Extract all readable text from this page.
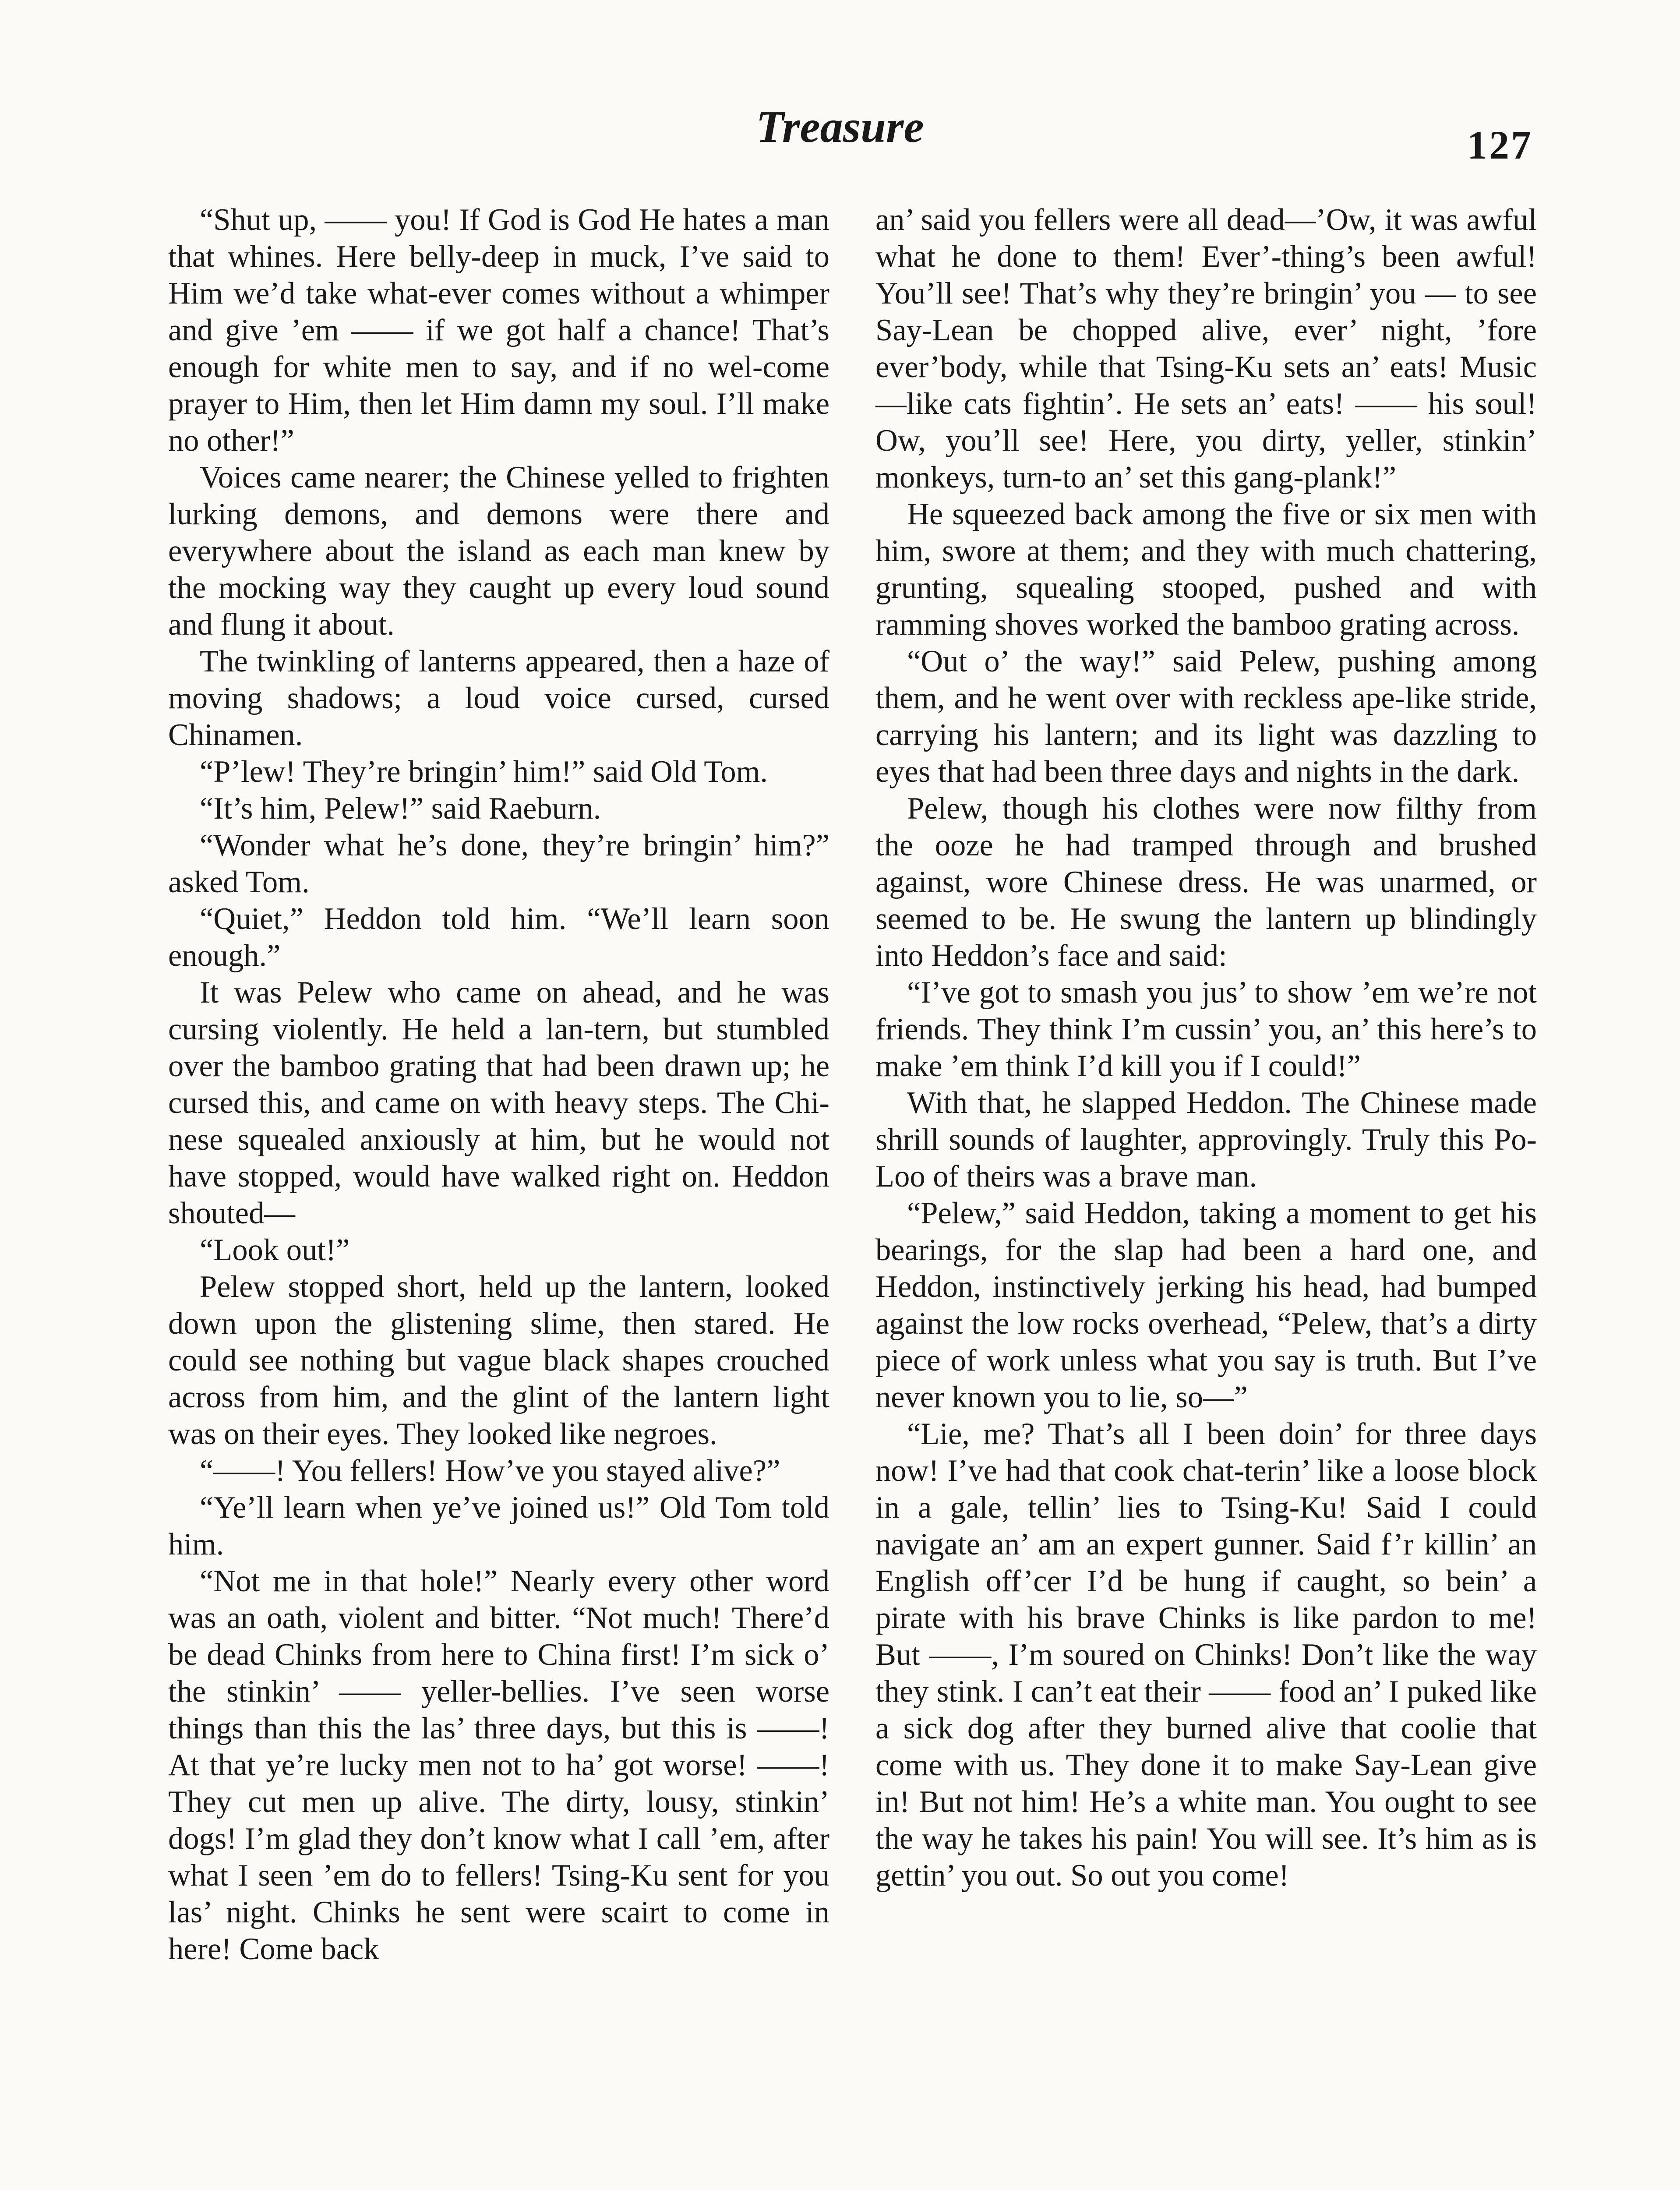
Treasure	127

“Shut up, —— you! If God is God He hates a man that whines. Here belly-deep in muck, I’ve said to Him we’d take what-ever comes without a whimper and give ’em —— if we got half a chance! That’s enough for white men to say, and if no wel-come prayer to Him, then let Him damn my soul. I’ll make no other!”

Voices came nearer; the Chinese yelled to frighten lurking demons, and demons were there and everywhere about the island as each man knew by the mocking way they caught up every loud sound and flung it about.

The twinkling of lanterns appeared, then a haze of moving shadows; a loud voice cursed, cursed Chinamen.

“P’lew! They’re bringin’ him!” said Old Tom.

“It’s him, Pelew!” said Raeburn.

“Wonder what he’s done, they’re bringin’ him?” asked Tom.

“Quiet,” Heddon told him. “We’ll learn soon enough.”

It was Pelew who came on ahead, and he was cursing violently. He held a lan-tern, but stumbled over the bamboo grating that had been drawn up; he cursed this, and came on with heavy steps. The Chi-nese squealed anxiously at him, but he would not have stopped, would have walked right on. Heddon shouted—

“Look out!”

Pelew stopped short, held up the lantern, looked down upon the glistening slime, then stared. He could see nothing but vague black shapes crouched across from him, and the glint of the lantern light was on their eyes. They looked like negroes.

“——! You fellers! How’ve you stayed alive?”

“Ye’ll learn when ye’ve joined us!” Old Tom told him.

“Not me in that hole!” Nearly every other word was an oath, violent and bitter. “Not much! There’d be dead Chinks from here to China first! I’m sick o’ the stinkin’ —— yeller-bellies. I’ve seen worse things than this the las’ three days, but this is ——! At that ye’re lucky men not to ha’ got worse! ——! They cut men up alive. The dirty, lousy, stinkin’ dogs! I’m glad they don’t know what I call ’em, after what I seen ’em do to fellers! Tsing-Ku sent for you las’ night. Chinks he sent were scairt to come in here! Come back

an’ said you fellers were all dead—’Ow, it was awful what he done to them! Ever’-thing’s been awful! You’ll see! That’s why they’re bringin’ you — to see Say-Lean be chopped alive, ever’ night, ’fore ever’body, while that Tsing-Ku sets an’ eats! Music—like cats fightin’. He sets an’ eats! —— his soul! Ow, you’ll see! Here, you dirty, yeller, stinkin’ monkeys, turn-to an’ set this gang-plank!”

He squeezed back among the five or six men with him, swore at them; and they with much chattering, grunting, squealing stooped, pushed and with ramming shoves worked the bamboo grating across.

“Out o’ the way!” said Pelew, pushing among them, and he went over with reckless ape-like stride, carrying his lantern; and its light was dazzling to eyes that had been three days and nights in the dark.

Pelew, though his clothes were now filthy from the ooze he had tramped through and brushed against, wore Chinese dress. He was unarmed, or seemed to be. He swung the lantern up blindingly into Heddon’s face and said:

“I’ve got to smash you jus’ to show ’em we’re not friends. They think I’m cussin’ you, an’ this here’s to make ’em think I’d kill you if I could!”

With that, he slapped Heddon. The Chinese made shrill sounds of laughter, approvingly. Truly this Po-Loo of theirs was a brave man.

“Pelew,” said Heddon, taking a moment to get his bearings, for the slap had been a hard one, and Heddon, instinctively jerking his head, had bumped against the low rocks overhead, “Pelew, that’s a dirty piece of work unless what you say is truth. But I’ve never known you to lie, so—”

“Lie, me? That’s all I been doin’ for three days now! I’ve had that cook chat-terin’ like a loose block in a gale, tellin’ lies to Tsing-Ku! Said I could navigate an’ am an expert gunner. Said f’r killin’ an English off’cer I’d be hung if caught, so bein’ a pirate with his brave Chinks is like pardon to me! But ——, I’m soured on Chinks! Don’t like the way they stink. I can’t eat their —— food an’ I puked like a sick dog after they burned alive that coolie that come with us. They done it to make Say-Lean give in! But not him! He’s a white man. You ought to see the way he takes his pain! You will see. It’s him as is gettin’ you out. So out you come!
